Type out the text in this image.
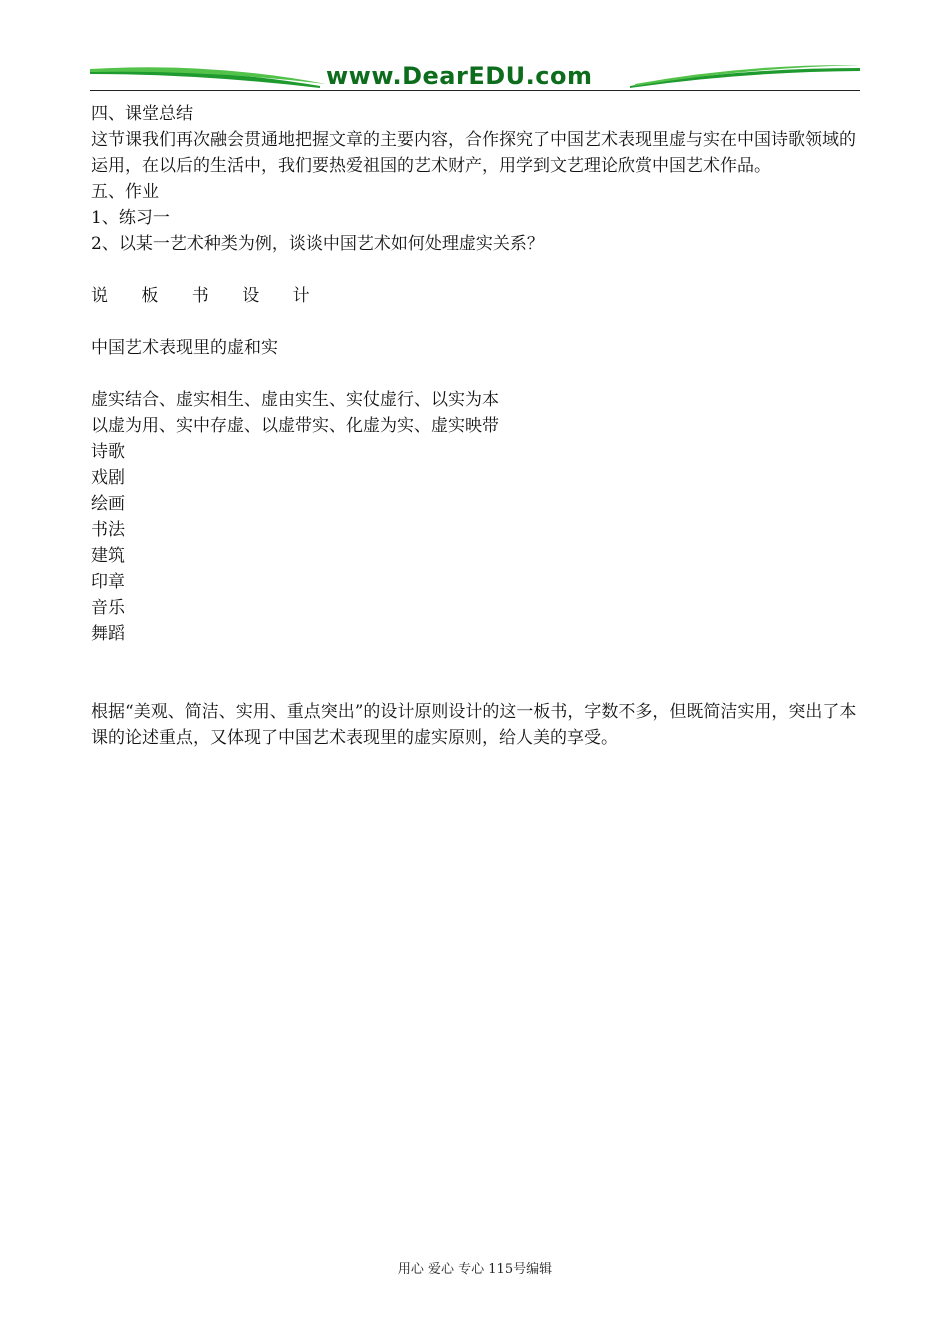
www.DearEDU.com
四、课堂总结
这节课我们再次融会贯通地把握文章的主要内容，合作探究了中国艺术表现里虚与实在中国诗歌领域的运用，在以后的生活中，我们要热爱祖国的艺术财产，用学到文艺理论欣赏中国艺术作品。
五、作业
1、练习一
2、以某一艺术种类为例，谈谈中国艺术如何处理虚实关系？
说 板 书 设 计
中国艺术表现里的虚和实
虚实结合、虚实相生、虚由实生、实仗虚行、以实为本
以虚为用、实中存虚、以虚带实、化虚为实、虚实映带
诗歌
戏剧
绘画
书法
建筑
印章
音乐
舞蹈
根据“美观、简洁、实用、重点突出”的设计原则设计的这一板书，字数不多，但既简洁实用，突出了本课的论述重点，又体现了中国艺术表现里的虚实原则，给人美的享受。
用心 爱心 专心 115号编辑
